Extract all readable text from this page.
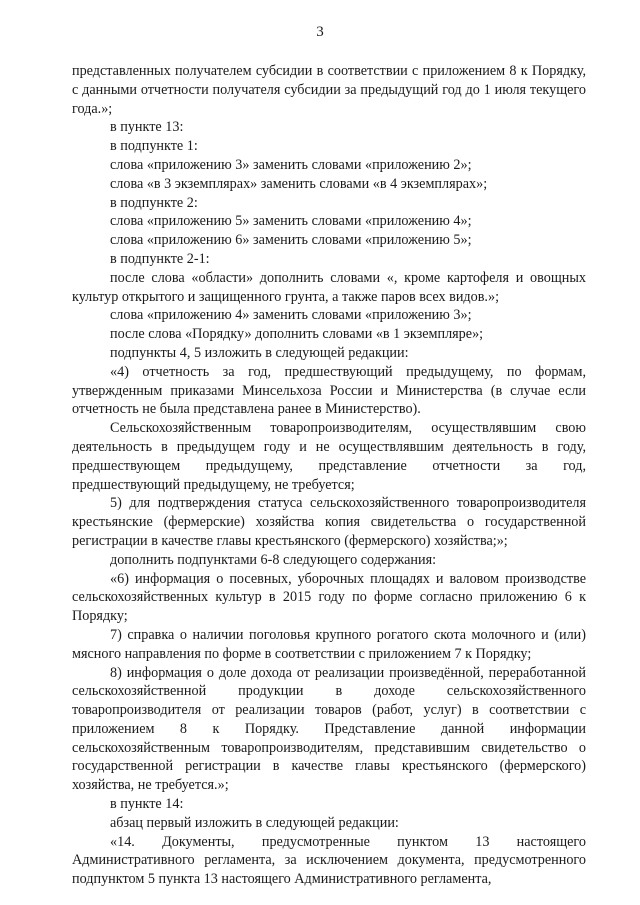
3

представленных получателем субсидии в соответствии с приложением 8 к Порядку, с данными отчетности получателя субсидии за предыдущий год до 1 июля текущего года.»;

в пункте 13:

в подпункте 1:

слова «приложению 3» заменить словами «приложению 2»;

слова «в 3 экземплярах» заменить словами «в 4 экземплярах»;

в подпункте 2:

слова «приложению 5» заменить словами «приложению 4»;

слова «приложению 6» заменить словами «приложению 5»;

в подпункте 2-1:

после слова «области» дополнить словами «, кроме картофеля и овощных культур открытого и защищенного грунта, а также паров всех видов.»;

слова «приложению 4» заменить словами «приложению 3»;

после слова «Порядку» дополнить словами «в 1 экземпляре»;

подпункты 4, 5 изложить в следующей редакции:

«4) отчетность за год, предшествующий предыдущему, по формам, утвержденным приказами Минсельхоза России и Министерства (в случае если отчетность не была представлена ранее в Министерство).

Сельскохозяйственным товаропроизводителям, осуществлявшим свою деятельность в предыдущем году и не осуществлявшим деятельность в году, предшествующем предыдущему, представление отчетности за год, предшествующий предыдущему, не требуется;

5) для подтверждения статуса сельскохозяйственного товаропроизводителя крестьянские (фермерские) хозяйства копия свидетельства о государственной регистрации в качестве главы крестьянского (фермерского) хозяйства;»;

дополнить подпунктами 6-8 следующего содержания:

«6) информация о посевных, уборочных площадях и валовом производстве сельскохозяйственных культур в 2015 году по форме согласно приложению 6 к Порядку;

7) справка о наличии поголовья крупного рогатого скота молочного и (или) мясного направления по форме в соответствии с приложением 7 к Порядку;

8) информация о доле дохода от реализации произведённой, переработанной сельскохозяйственной продукции в доходе сельскохозяйственного товаропроизводителя от реализации товаров (работ, услуг) в соответствии с приложением 8 к Порядку. Представление данной информации сельскохозяйственным товаропроизводителям, представившим свидетельство о государственной регистрации в качестве главы крестьянского (фермерского) хозяйства, не требуется.»;

в пункте 14:

абзац первый изложить в следующей редакции:

«14. Документы, предусмотренные пунктом 13 настоящего Административного регламента, за исключением документа, предусмотренного подпунктом 5 пункта 13 настоящего Административного регламента,
